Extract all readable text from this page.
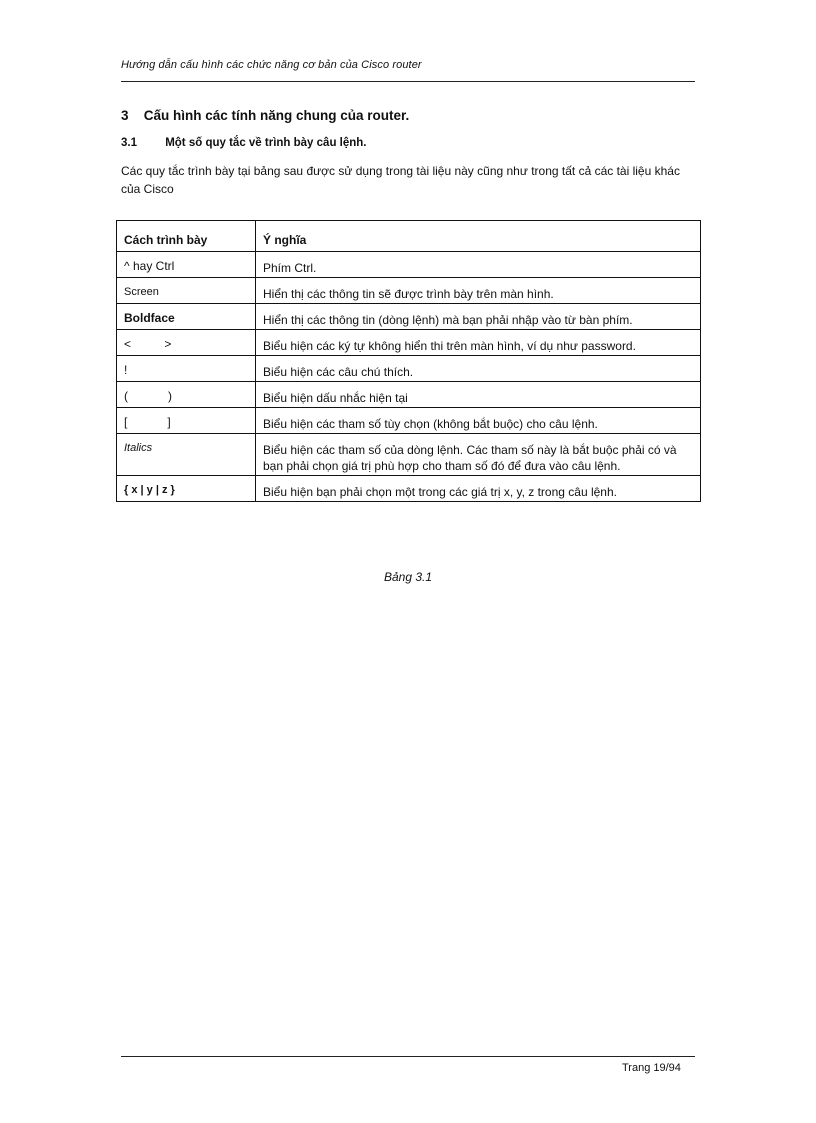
Hướng dẫn cấu hình các chức năng cơ bản của Cisco router
3 Cấu hình các tính năng chung của router.
3.1 Một số quy tắc về trình bày câu lệnh.
Các quy tắc trình bày tại bảng sau được sử dụng trong tài liệu này cũng như trong tất cả các tài liệu khác của Cisco
Cách trình bày	Ý nghĩa
^ hay Ctrl	Phím Ctrl.
Screen	Hiển thị các thông tin sẽ được trình bày trên màn hình.
Boldface	Hiển thị các thông tin (dòng lệnh) mà bạn phải nhập vào từ bàn phím.
<          >	Biểu hiện các ký tự không hiển thi trên màn hình, ví dụ như password.
!	Biểu hiện các câu chú thích.
(            )	Biểu hiện dấu nhắc hiện tại
[            ]	Biểu hiện các tham số tùy chọn (không bắt buộc) cho câu lệnh.
Italics	Biểu hiện các tham số của dòng lệnh. Các tham số này là bắt buộc phải có và bạn phải chọn giá trị phù hợp cho tham số đó để đưa vào câu lệnh.
{ x | y | z }	Biểu hiện bạn phải chọn một trong các giá trị x, y, z trong câu lệnh.
Bảng 3.1
Trang 19/94
